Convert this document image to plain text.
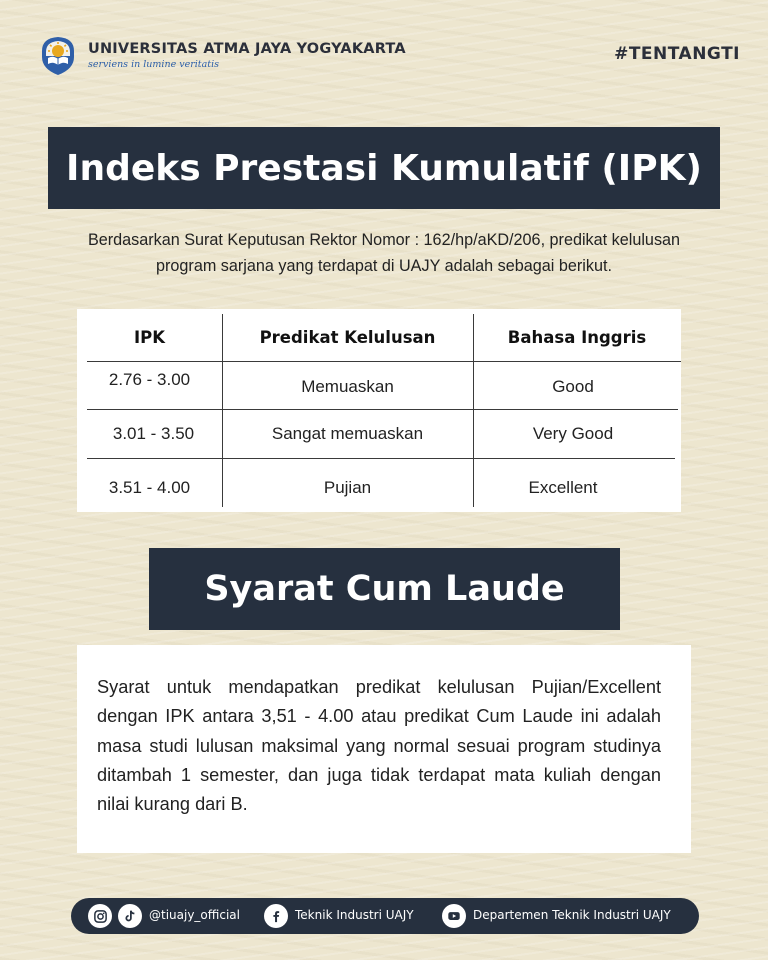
UNIVERSITAS ATMA JAYA YOGYAKARTA
serviens in lumine veritatis	#TENTANGTI
Indeks Prestasi Kumulatif (IPK)
Berdasarkan Surat Keputusan Rektor Nomor : 162/hp/aKD/206, predikat kelulusan
program sarjana yang terdapat di UAJY adalah sebagai berikut.
IPK	Predikat Kelulusan	Bahasa Inggris
2.76 - 3.00	Memuaskan	Good
3.01 - 3.50	Sangat memuaskan	Very Good
3.51 - 4.00	Pujian	Excellent
Syarat Cum Laude
Syarat untuk mendapatkan predikat kelulusan Pujian/Excellent dengan IPK antara 3,51 - 4.00 atau predikat Cum Laude ini adalah masa studi lulusan maksimal yang normal sesuai program studinya ditambah 1 semester, dan juga tidak terdapat mata kuliah dengan nilai kurang dari B.
@tiuajy_official	Teknik Industri UAJY	Departemen Teknik Industri UAJY
